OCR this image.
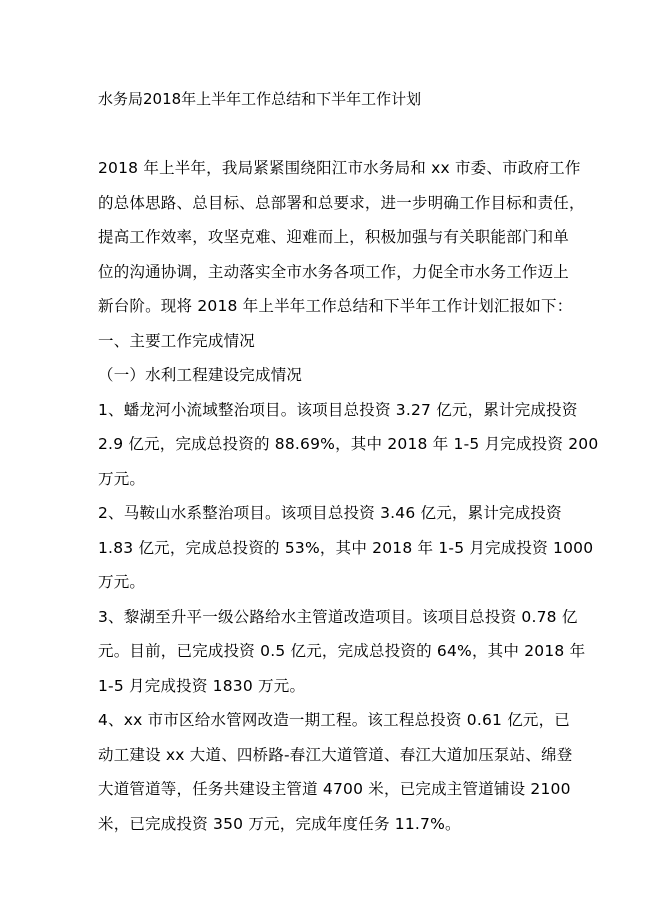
水务局2018年上半年工作总结和下半年工作计划
2018 年上半年，我局紧紧围绕阳江市水务局和 xx 市委、市政府工作
的总体思路、总目标、总部署和总要求，进一步明确工作目标和责任，
提高工作效率，攻坚克难、迎难而上，积极加强与有关职能部门和单
位的沟通协调，主动落实全市水务各项工作，力促全市水务工作迈上
新台阶。现将 2018 年上半年工作总结和下半年工作计划汇报如下：
一、主要工作完成情况
（一）水利工程建设完成情况
1、蟠龙河小流域整治项目。该项目总投资 3.27 亿元，累计完成投资
2.9 亿元，完成总投资的 88.69%，其中 2018 年 1-5 月完成投资 200
万元。
2、马鞍山水系整治项目。该项目总投资 3.46 亿元，累计完成投资
1.83 亿元，完成总投资的 53%，其中 2018 年 1-5 月完成投资 1000
万元。
3、黎湖至升平一级公路给水主管道改造项目。该项目总投资 0.78 亿
元。目前，已完成投资 0.5 亿元，完成总投资的 64%，其中 2018 年
1-5 月完成投资 1830 万元。
4、xx 市市区给水管网改造一期工程。该工程总投资 0.61 亿元，已
动工建设 xx 大道、四桥路-春江大道管道、春江大道加压泵站、绵登
大道管道等，任务共建设主管道 4700 米，已完成主管道铺设 2100
米，已完成投资 350 万元，完成年度任务 11.7%。
